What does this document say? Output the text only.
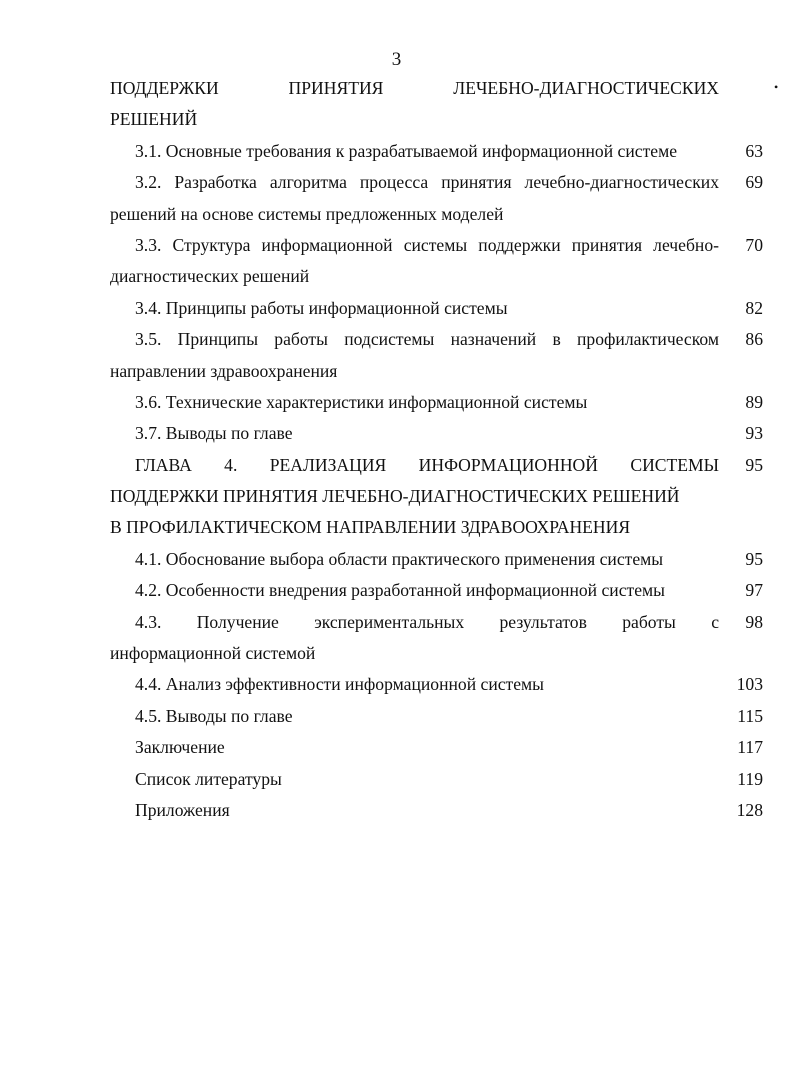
3
•
ПОДДЕРЖКИ ПРИНЯТИЯ ЛЕЧЕБНО-ДИАГНОСТИЧЕСКИХ
РЕШЕНИЙ
3.1. Основные требования к разрабатываемой информационной системе	63
3.2. Разработка алгоритма процесса принятия лечебно-диагностических	69
решений на основе системы предложенных моделей
3.3. Структура информационной системы поддержки принятия лечебно-	70
диагностических решений
3.4. Принципы работы информационной системы	82
3.5. Принципы работы подсистемы назначений в профилактическом	86
направлении здравоохранения
3.6. Технические характеристики информационной системы	89
3.7. Выводы по главе	93
ГЛАВА 4. РЕАЛИЗАЦИЯ ИНФОРМАЦИОННОЙ СИСТЕМЫ	95
ПОДДЕРЖКИ ПРИНЯТИЯ ЛЕЧЕБНО-ДИАГНОСТИЧЕСКИХ РЕШЕНИЙ
В ПРОФИЛАКТИЧЕСКОМ НАПРАВЛЕНИИ ЗДРАВООХРАНЕНИЯ
4.1. Обоснование выбора области практического применения системы	95
4.2. Особенности внедрения разработанной информационной системы	97
4.3. Получение экспериментальных результатов работы с	98
информационной системой
4.4. Анализ эффективности информационной системы	103
4.5. Выводы по главе	115
Заключение	117
Список литературы	119
Приложения	128
